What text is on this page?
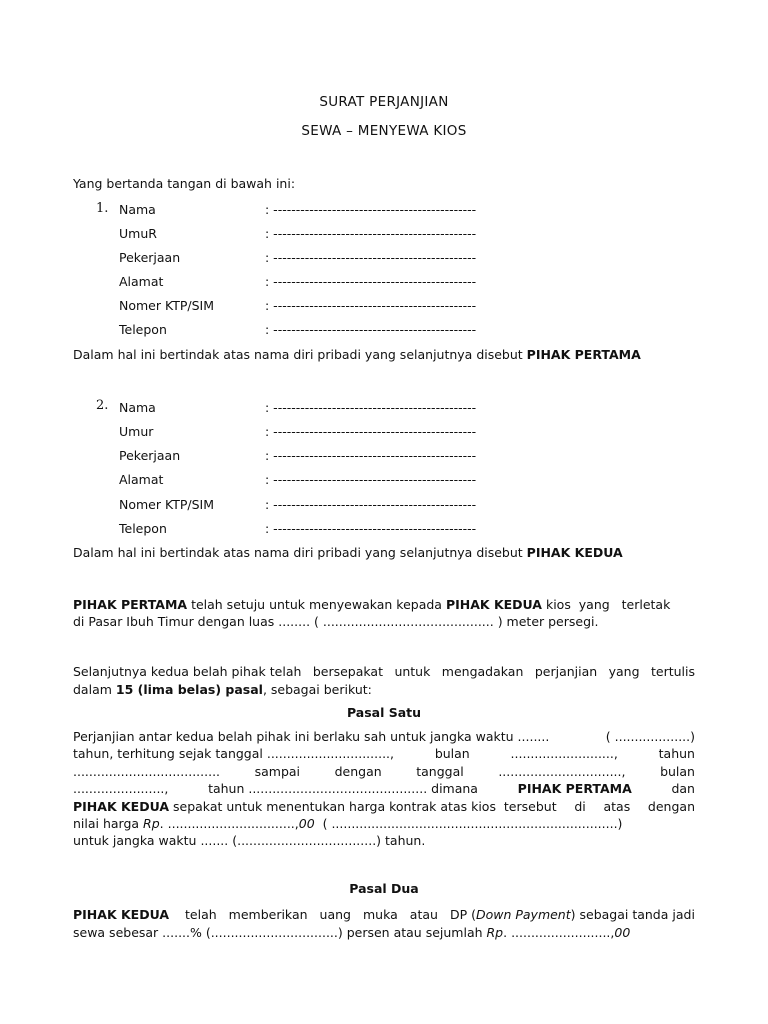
SURAT PERJANJIAN
SEWA – MENYEWA KIOS
Yang bertanda tangan di bawah ini:
1. Nama	: ---------------------------------------------
UmuR	: ---------------------------------------------
Pekerjaan	: ---------------------------------------------
Alamat	: ---------------------------------------------
Nomer KTP/SIM	: ---------------------------------------------
Telepon	: ---------------------------------------------
Dalam hal ini bertindak atas nama diri pribadi yang selanjutnya disebut PIHAK PERTAMA
2. Nama	: ---------------------------------------------
Umur	: ---------------------------------------------
Pekerjaan	: ---------------------------------------------
Alamat	: ---------------------------------------------
Nomer KTP/SIM	: ---------------------------------------------
Telepon	: ---------------------------------------------
Dalam hal ini bertindak atas nama diri pribadi yang selanjutnya disebut PIHAK KEDUA
PIHAK PERTAMA telah setuju untuk menyewakan kepada PIHAK KEDUA kios  yang   terletak
di Pasar Ibuh Timur dengan luas ........ ( ........................................... ) meter persegi.
Selanjutnya kedua belah pihak telah bersepakat untuk mengadakan perjanjian yang tertulis
dalam 15 (lima belas) pasal, sebagai berikut:
Pasal Satu
Perjanjian antar kedua belah pihak ini berlaku sah untuk jangka waktu ........	( ...................)
tahun, terhitung sejak tanggal ...............................,	bulan	..........................,	tahun
.....................................	sampai	dengan	tanggal	...............................,	bulan
.......................,	tahun ............................................. dimana	PIHAK PERTAMA	dan
PIHAK KEDUA sepakat untuk menentukan harga kontrak atas kios  tersebut di atas dengan
nilai harga Rp. ................................,00  ( ........................................................................)
untuk jangka waktu ....... (...................................) tahun.
Pasal Dua
PIHAK KEDUA telah memberikan uang muka atau DP (Down Payment) sebagai tanda jadi
sewa sebesar .......% (................................) persen atau sejumlah Rp. .........................,00
